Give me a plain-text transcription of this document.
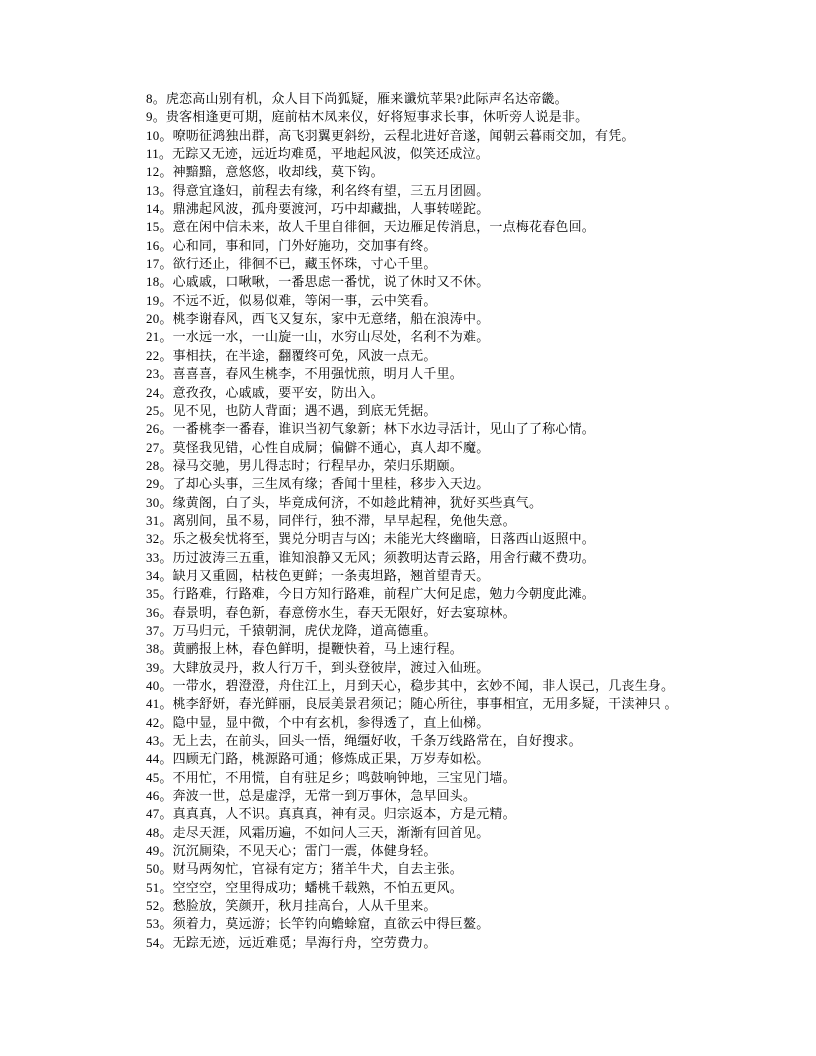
8。虎恋高山别有机，众人目下尚狐疑，雁来谶炕苹果?此际声名达帝畿。
9。贵客相逢更可期，庭前枯木凤来仪，好将短事求长事，休听旁人说是非。
10。嘹呖征鸿独出群，高飞羽翼更斜纷，云程北进好音遂，闻朝云暮雨交加，有凭。
11。无踪又无迹，远近均难觅，平地起风波，似笑还成泣。
12。神黯黯，意悠悠，收却线，莫下钩。
13。得意宜逢妇，前程去有缘，利名终有望，三五月团圆。
14。鼎沸起风波，孤舟要渡河，巧中却藏拙，人事转嗟跎。
15。意在闲中信未来，故人千里自徘徊，天边雁足传消息，一点梅花春色回。
16。心和同，事和同，门外好施功，交加事有终。
17。欲行还止，徘徊不已，藏玉怀珠，寸心千里。
18。心戚戚，口啾啾，一番思虑一番忧，说了休时又不休。
19。不远不近，似易似难，等闲一事，云中笑看。
20。桃李谢春风，西飞又复东，家中无意绪，船在浪涛中。
21。一水远一水，一山旋一山，水穷山尽处，名利不为难。
22。事相扶，在半途，翻覆终可免，风波一点无。
23。喜喜喜，春风生桃李，不用强忧煎，明月人千里。
24。意孜孜，心戚戚，要平安，防出入。
25。见不见，也防人背面；遇不遇，到底无凭据。
26。一番桃李一番春，谁识当初气象新；林下水边寻活计，见山了了称心情。
27。莫怪我见错，心性自成屙；偏僻不通心，真人却不魔。
28。禄马交驰，男儿得志时；行程早办，荣归乐期颐。
29。了却心头事，三生凤有缘；香闻十里桂，移步入天边。
30。缘黄阁，白了头，毕竟成何济，不如趁此精神，犹好买些真气。
31。离别间，虽不易，同伴行，独不滞，早早起程，免他失意。
32。乐之极矣忧将至，巽兑分明吉与凶；未能光大终幽暗，日落西山返照中。
33。历过波涛三五重，谁知浪静又无风；须教明达青云路，用舍行藏不费功。
34。缺月又重圆，枯枝色更鲜；一条夷坦路，翘首望青天。
35。行路难，行路难，今日方知行路难，前程广大何足虑，勉力今朝度此滩。
36。春景明，春色新，春意傍水生，春天无限好，好去宴琼林。
37。万马归元，千猿朝洞，虎伏龙降，道高德重。
38。黄鹂报上林，春色鲜明，提鞭快着，马上速行程。
39。大肆放灵丹，救人行万千，到头登彼岸，渡过入仙班。
40。一带水，碧澄澄，舟住江上，月到天心，稳步其中，玄妙不闻，非人误己，几丧生身。
41。桃李舒妍，春光鲜丽，良辰美景君须记；随心所往，事事相宜，无用多疑，干渎神只 。
42。隐中显，显中微，个中有玄机，参得透了，直上仙梯。
43。无上去，在前头，回头一悟，绳缰好收，千条万线路常在，自好搜求。
44。四顾无门路，桃源路可通；修炼成正果，万岁寿如松。
45。不用忙，不用慌，自有驻足乡；鸣鼓响钟地，三宝见门墙。
46。奔波一世，总是虚浮，无常一到万事休，急早回头。
47。真真真，人不识。真真真，神有灵。归宗返本，方是元精。
48。走尽天涯，风霜历遍，不如问人三天，渐渐有回首见。
49。沉沉厠染，不见天心；雷门一震，体健身轻。
50。财马两匆忙，官禄有定方；猪羊牛犬，自去主张。
51。空空空，空里得成功；蟠桃千载熟，不怕五更风。
52。愁脸放，笑颜开，秋月挂高台，人从千里来。
53。须着力，莫远游；长竿钓向蟾蜍窟，直欲云中得巨鳌。
54。无踪无迹，远近难觅；旱海行舟，空劳费力。
